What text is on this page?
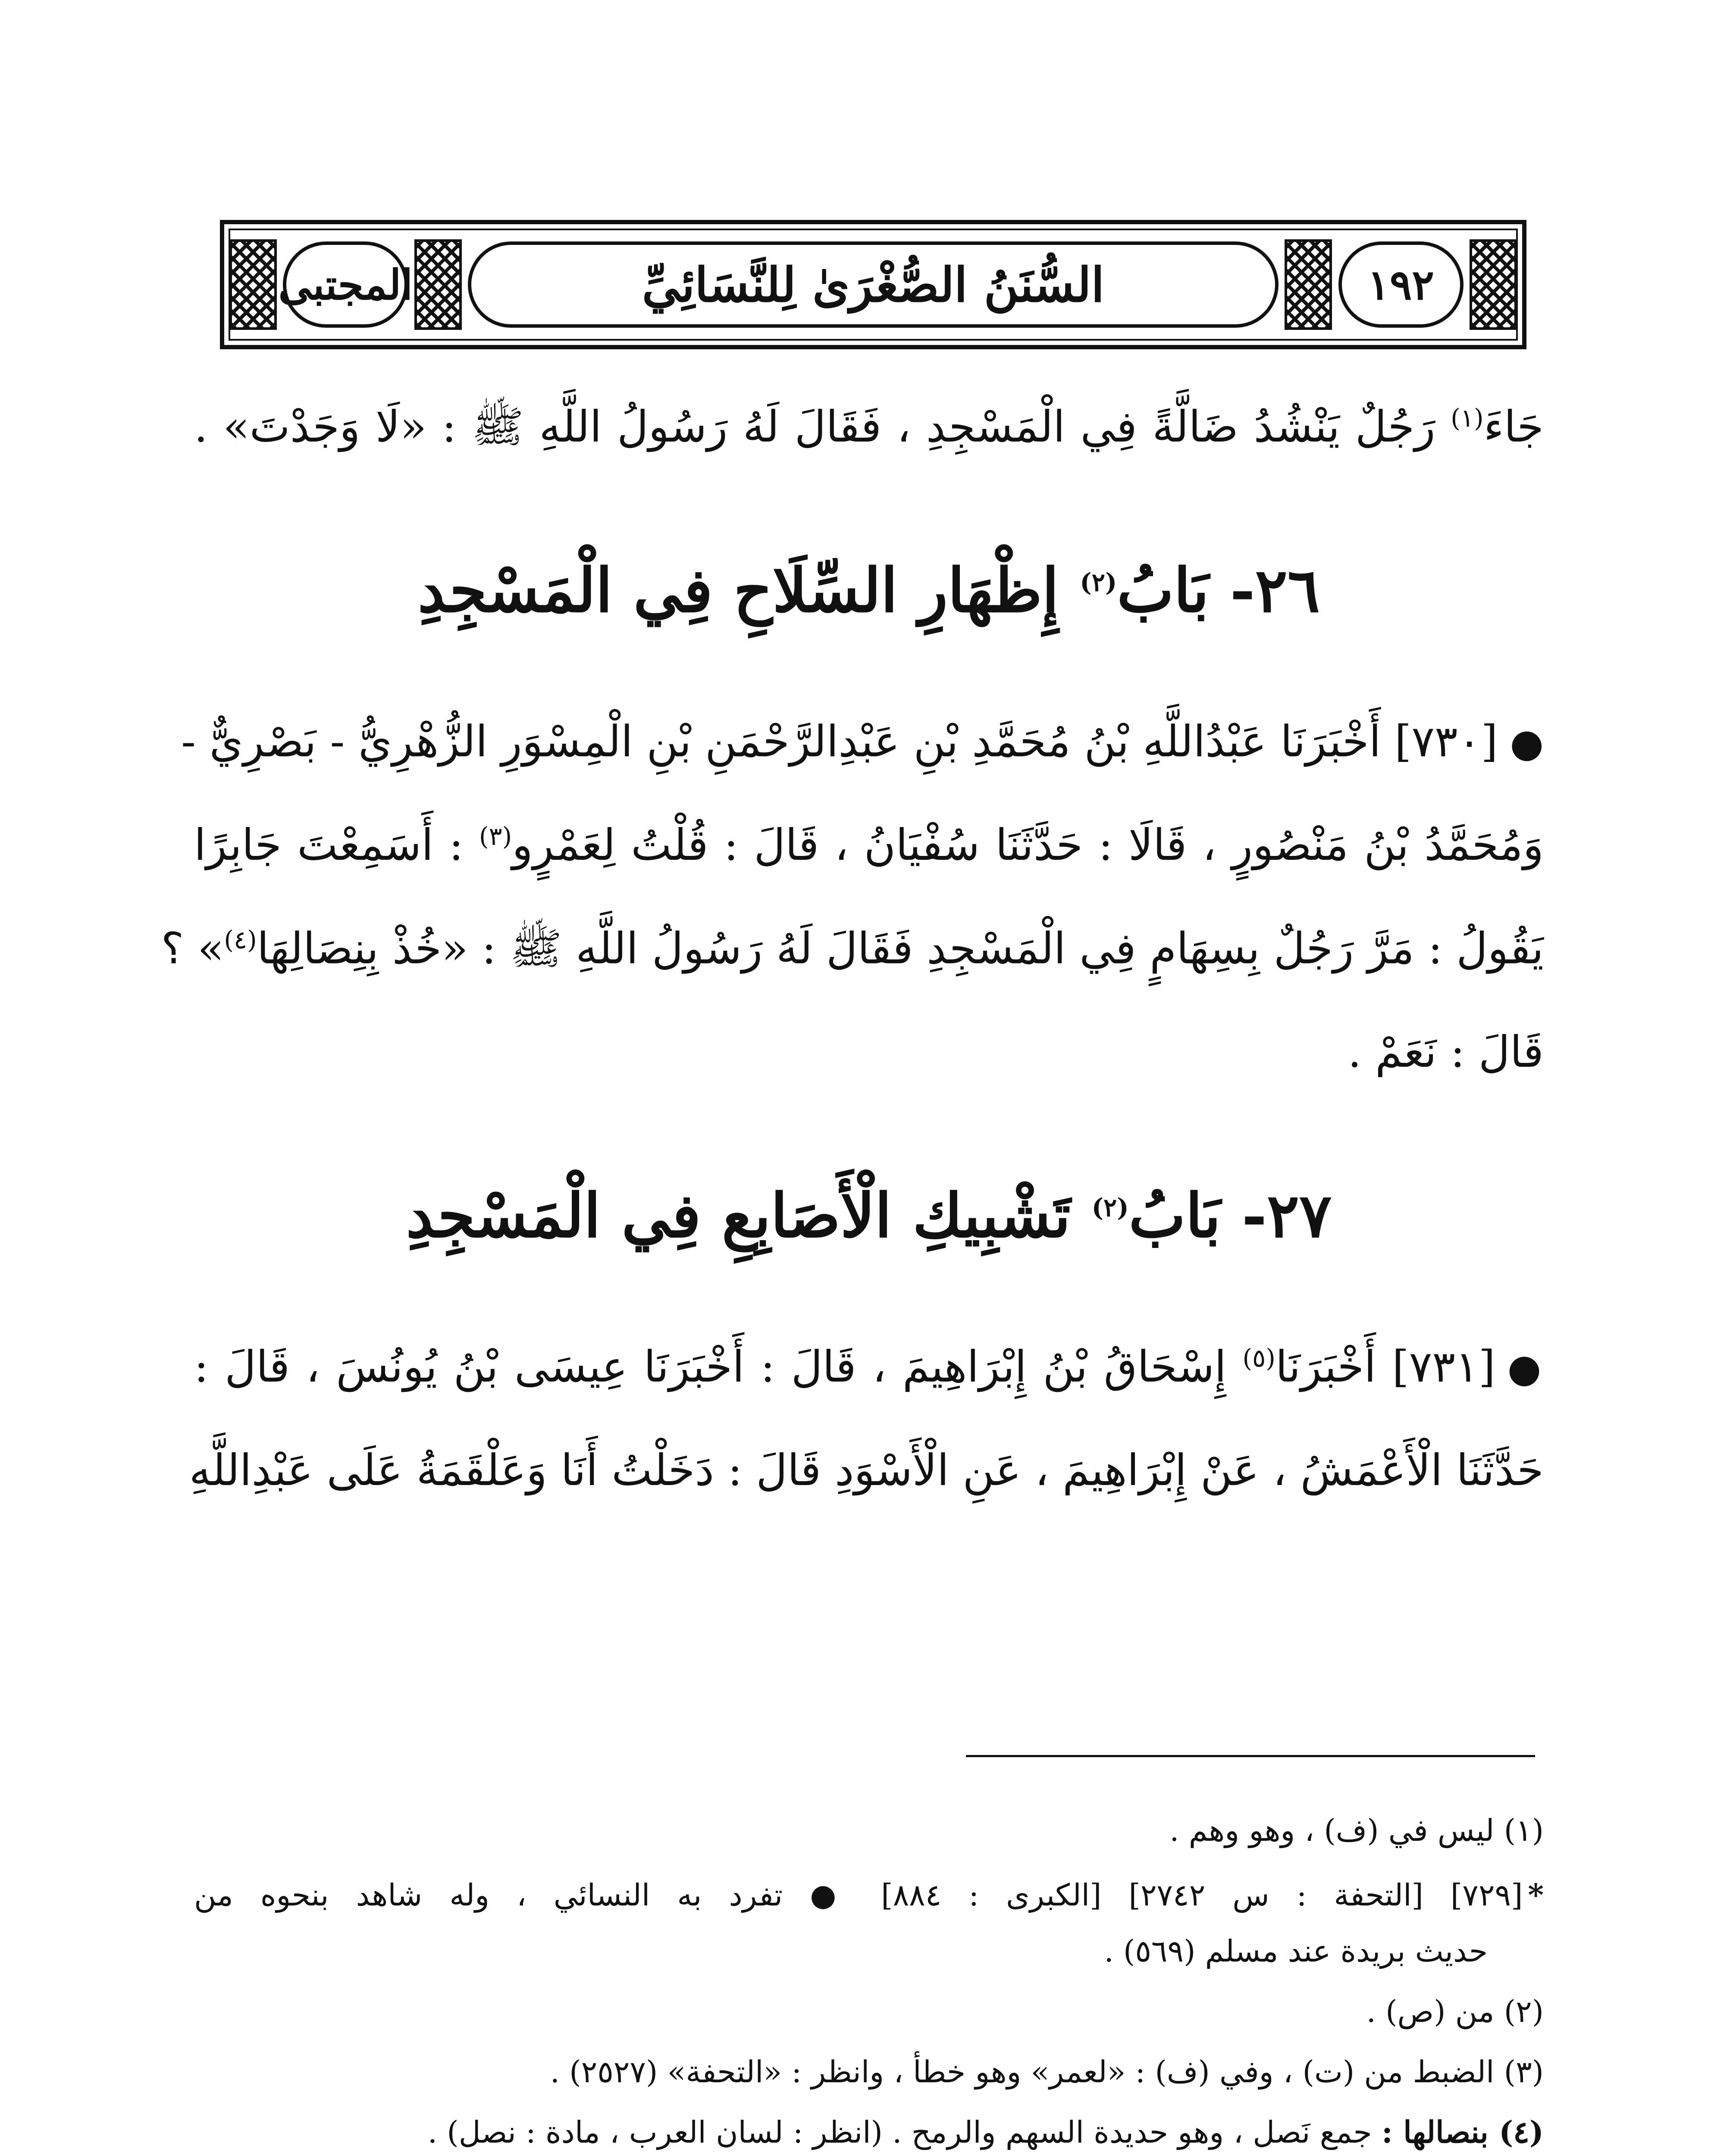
المجتبى	السُّنَنُ الصُّغْرَىٰ لِلنَّسَائِيِّ	١٩٢
جَاءَ$^{(١)}$ رَجُلٌ يَنْشُدُ ضَالَّةً فِي الْمَسْجِدِ ، فَقَالَ لَهُ رَسُولُ اللَّهِ ﷺ : «لَا وَجَدْتَ» .
٢٦- بَابُ$^{(٢)}$ إِظْهَارِ السِّلَاحِ فِي الْمَسْجِدِ
●[٧٣٠] أَخْبَرَنَا عَبْدُاللَّهِ بْنُ مُحَمَّدِ بْنِ عَبْدِالرَّحْمَنِ بْنِ الْمِسْوَرِ الزُّهْرِيُّ - بَصْرِيٌّ -
وَمُحَمَّدُ بْنُ مَنْصُورٍ ، قَالَا : حَدَّثَنَا سُفْيَانُ ، قَالَ : قُلْتُ لِعَمْرٍو$^{(٣)}$ : أَسَمِعْتَ جَابِرًا
يَقُولُ : مَرَّ رَجُلٌ بِسِهَامٍ فِي الْمَسْجِدِ فَقَالَ لَهُ رَسُولُ اللَّهِ ﷺ : «خُذْ بِنِصَالِهَا$^{(٤)}$» ؟
قَالَ : نَعَمْ .
٢٧- بَابُ$^{(٢)}$ تَشْبِيكِ الْأَصَابِعِ فِي الْمَسْجِدِ
●[٧٣١] أَخْبَرَنَا$^{(٥)}$ إِسْحَاقُ بْنُ إِبْرَاهِيمَ ، قَالَ : أَخْبَرَنَا عِيسَى بْنُ يُونُسَ ، قَالَ :
حَدَّثَنَا الْأَعْمَشُ ، عَنْ إِبْرَاهِيمَ ، عَنِ الْأَسْوَدِ قَالَ : دَخَلْتُ أَنَا وَعَلْقَمَةُ عَلَى عَبْدِاللَّهِ
(١) ليس في (ف) ، وهو وهم .
*[٧٢٩] [التحفة : س ٢٧٤٢] [الكبرى : ٨٨٤] ● تفرد به النسائي ، وله شاهد بنحوه من
حديث بريدة عند مسلم (٥٦٩) .
(٢) من (ص) .
(٣) الضبط من (ت) ، وفي (ف) : «لعمر» وهو خطأ ، وانظر : «التحفة» (٢٥٢٧) .
(٤) بنصالها : جمع نَصل ، وهو حديدة السهم والرمح . (انظر : لسان العرب ، مادة : نصل) .
